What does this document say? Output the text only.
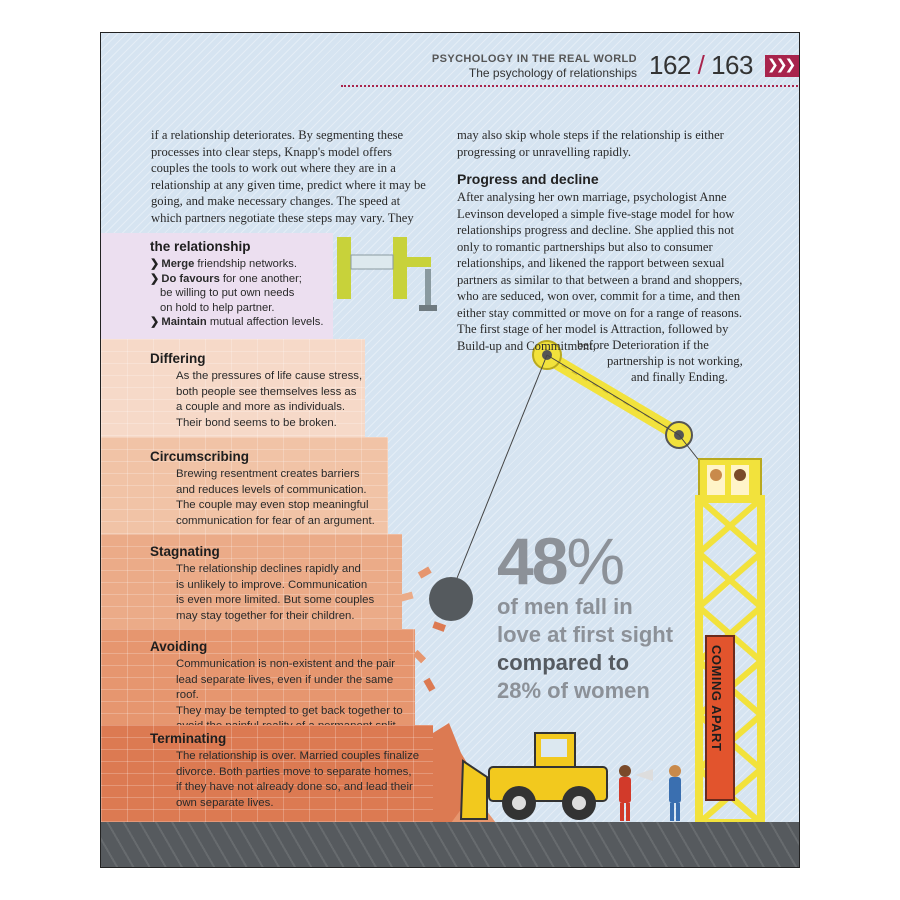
PSYCHOLOGY IN THE REAL WORLD
The psychology of relationships 162 / 163 ❯❯❯

if a relationship deteriorates. By segmenting these processes into clear steps, Knapp's model offers couples the tools to work out where they are in a relationship at any given time, predict where it may be going, and make necessary changes. The speed at which partners negotiate these steps may vary. They

may also skip whole steps if the relationship is either progressing or unravelling rapidly.

Progress and decline

After analysing her own marriage, psychologist Anne Levinson developed a simple five-stage model for how relationships progress and decline. She applied this not only to romantic partnerships but also to consumer relationships, and likened the rapport between sexual partners as similar to that between a brand and shoppers, who are seduced, won over, commit for a time, and then either stay committed or move on for a range of reasons. The first stage of her model is Attraction, followed by Build-up and Commitment,

before Deterioration if the

partnership is not working,

and finally Ending.

the relationship
❯ Merge friendship networks.
❯ Do favours for one another;
be willing to put own needs
on hold to help partner.
❯ Maintain mutual affection levels.
Differing

As the pressures of life cause stress,
both people see themselves less as
a couple and more as individuals.
Their bond seems to be broken.

Circumscribing

Brewing resentment creates barriers
and reduces levels of communication.
The couple may even stop meaningful
communication for fear of an argument.

Stagnating

The relationship declines rapidly and
is unlikely to improve. Communication
is even more limited. But some couples
may stay together for their children.

Avoiding

Communication is non-existent and the pair
lead separate lives, even if under the same roof.
They may be tempted to get back together to

Terminating

The relationship is over. Married couples finalize
divorce. Both parties move to separate homes,
if they have not already done so, and lead their
own separate lives.

48%
of men fall in
love at first sight
compared to
28% of women	COMING APART
